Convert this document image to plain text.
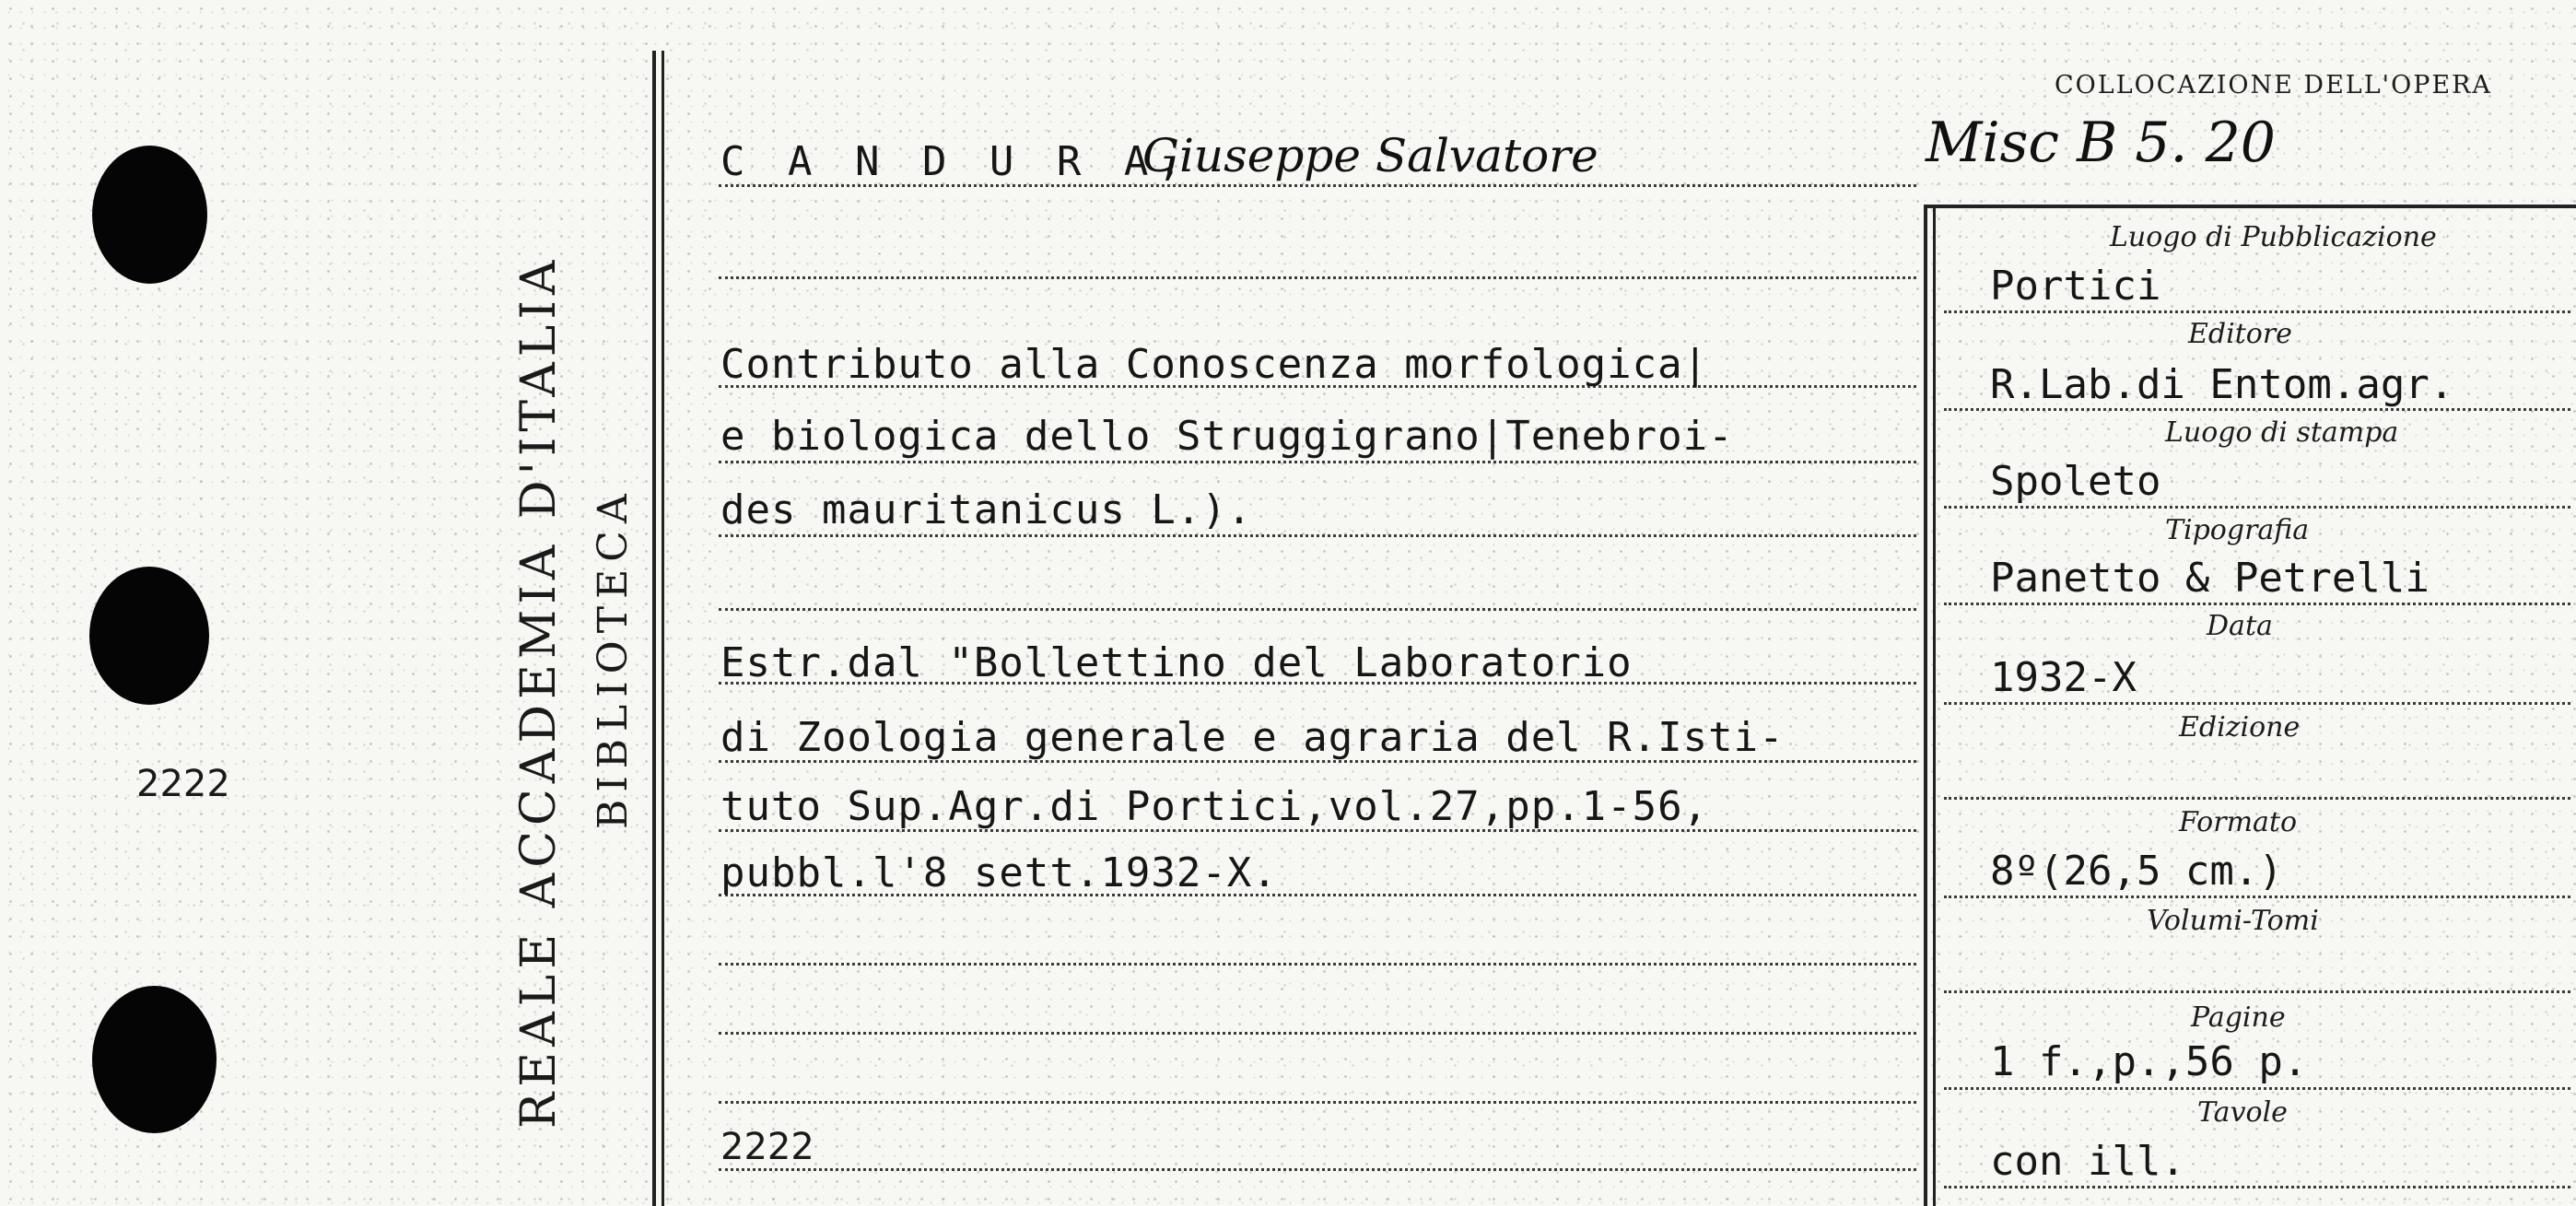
2222	REALE ACCADEMIA D'ITALIA BIBLIOTECA
C A N D U R A,
Giuseppe Salvatore
Contributo alla Conoscenza morfologica|
e biologica dello Struggigrano|Tenebroi-
des mauritanicus L.).
Estr.dal "Bollettino del Laboratorio
di Zoologia generale e agraria del R.Isti-
tuto Sup.Agr.di Portici,vol.27,pp.1-56,
pubbl.l'8 sett.1932-X.
2222
COLLOCAZIONE DELL'OPERA
Misc B 5. 20
Luogo di Pubblicazione
Portici
Editore
R.Lab.di Entom.agr.
Luogo di stampa
Spoleto
Tipografia
Panetto & Petrelli
Data
1932-X
Edizione
Formato
8º(26,5 cm.)
Volumi-Tomi
Pagine
1 f.,p.,56 p.
Tavole
con ill.
